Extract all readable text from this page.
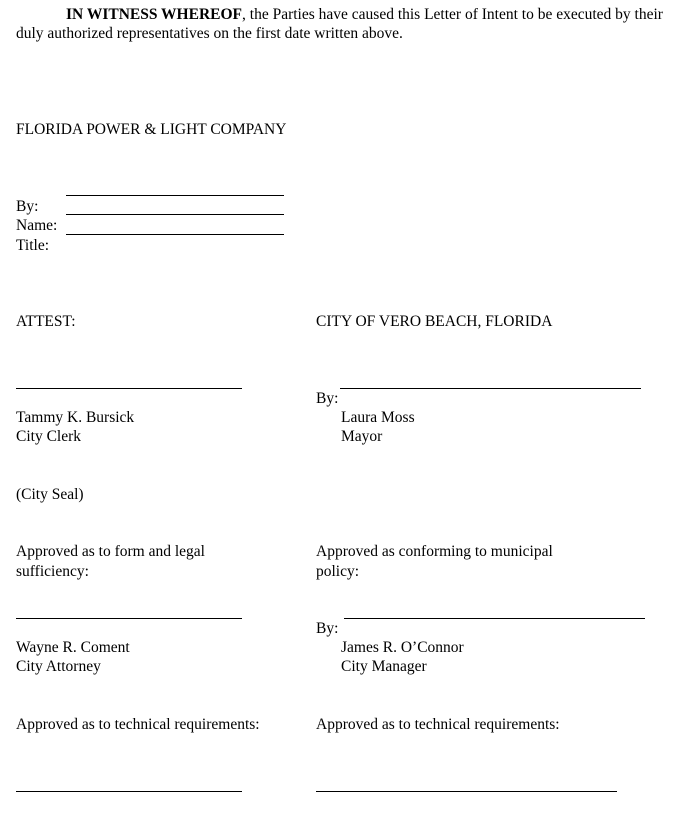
IN WITNESS WHEREOF, the Parties have caused this Letter of Intent to be executed by their duly authorized representatives on the first date written above.
FLORIDA POWER & LIGHT COMPANY
By:
Name:
Title:
ATTEST:	CITY OF VERO BEACH, FLORIDA
Tammy K. Bursick
City Clerk
By:
Laura Moss
Mayor
(City Seal)
Approved as to form and legal
sufficiency:
Approved as conforming to municipal
policy:
Wayne R. Coment
City Attorney
By:
James R. O’Connor
City Manager
Approved as to technical requirements:	Approved as to technical requirements:
